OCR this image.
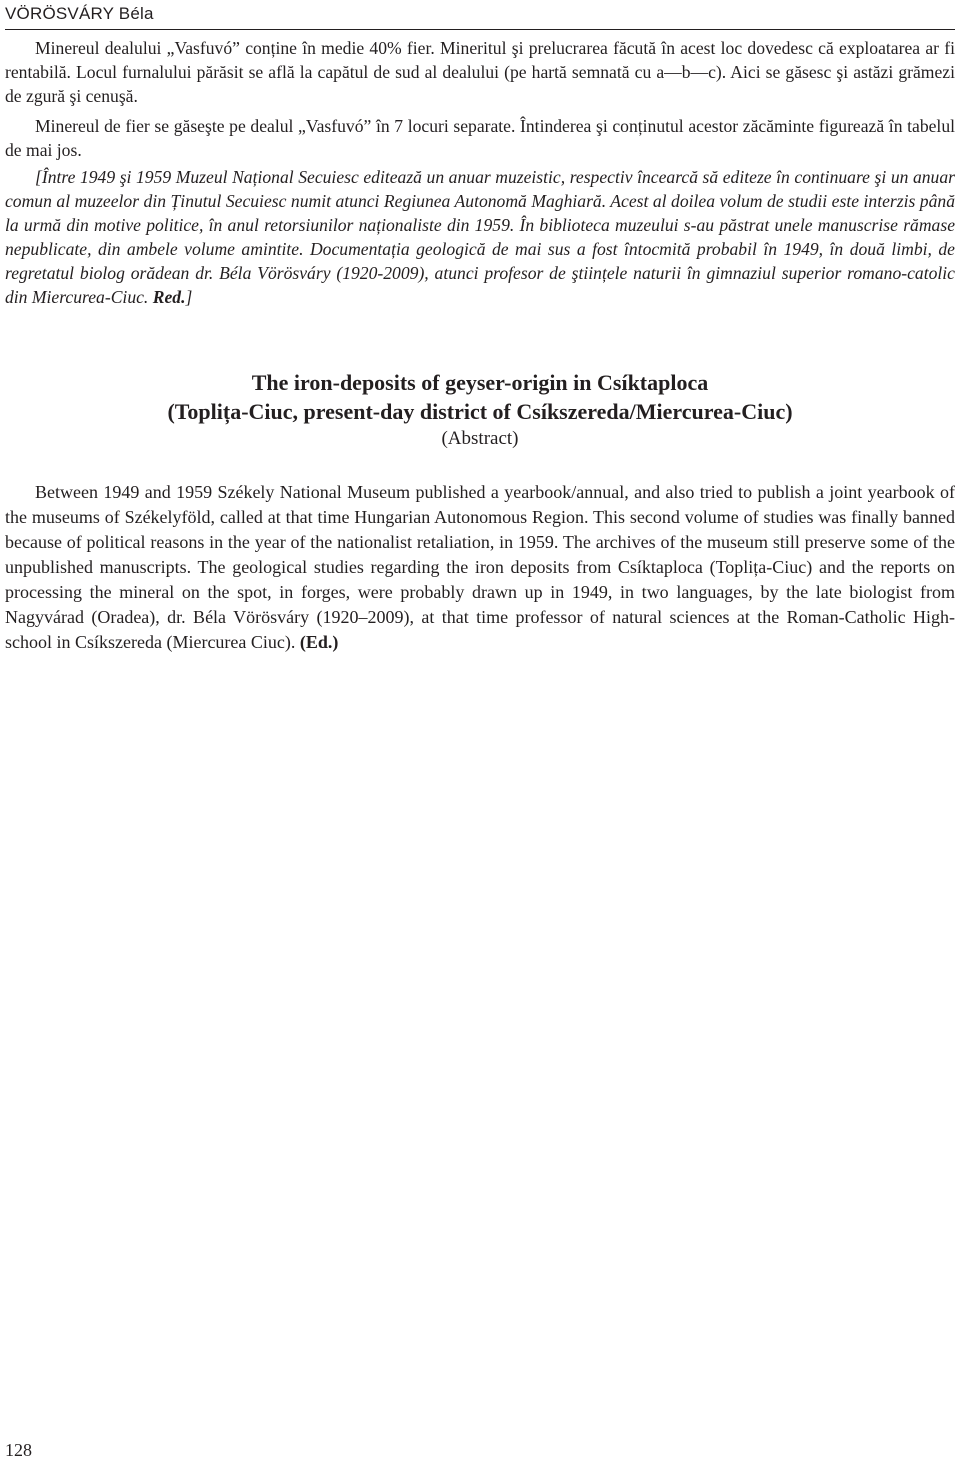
VÖRÖSVÁRY Béla

Minereul dealului „Vasfuvó” conține în medie 40% fier. Mineritul şi prelucrarea făcută în acest loc dovedesc că exploatarea ar fi rentabilă. Locul furnalului părăsit se află la capătul de sud al dealului (pe hartă semnată cu a—b—c). Aici se găsesc şi astăzi grămezi de zgură şi cenuşă.

Minereul de fier se găseşte pe dealul „Vasfuvó” în 7 locuri separate. Întinderea şi conținutul acestor zăcăminte figurează în tabelul de mai jos.

[Între 1949 şi 1959 Muzeul Național Secuiesc editează un anuar muzeistic, respectiv încearcă să editeze în continuare şi un anuar comun al muzeelor din Ținutul Secuiesc numit atunci Regiunea Autonomă Maghiară. Acest al doilea volum de studii este interzis până la urmă din motive politice, în anul retorsiunilor naționaliste din 1959. În biblioteca muzeului s-au păstrat unele manuscrise rămase nepublicate, din ambele volume amintite. Documentația geologică de mai sus a fost întocmită probabil în 1949, în două limbi, de regretatul biolog orădean dr. Béla Vörösváry (1920-2009), atunci profesor de ştiințele naturii în gimnaziul superior romano-catolic din Miercurea-Ciuc. Red.]

The iron-deposits of geyser-origin in Csíktaploca

(Toplița-Ciuc, present-day district of Csíkszereda/Miercurea-Ciuc)

(Abstract)

Between 1949 and 1959 Székely National Museum published a yearbook/annual, and also tried to publish a joint yearbook of the museums of Székelyföld, called at that time Hungarian Autonomous Region. This second volume of studies was finally banned because of political reasons in the year of the nationalist retaliation, in 1959. The archives of the museum still preserve some of the unpublished manuscripts. The geological studies regarding the iron deposits from Csíktaploca (Toplița-Ciuc) and the reports on processing the mineral on the spot, in forges, were probably drawn up in 1949, in two languages, by the late biologist from Nagyvárad (Oradea), dr. Béla Vörösváry (1920–2009), at that time professor of natural sciences at the Roman-Catholic High-school in Csíkszereda (Miercurea Ciuc). (Ed.)

128
